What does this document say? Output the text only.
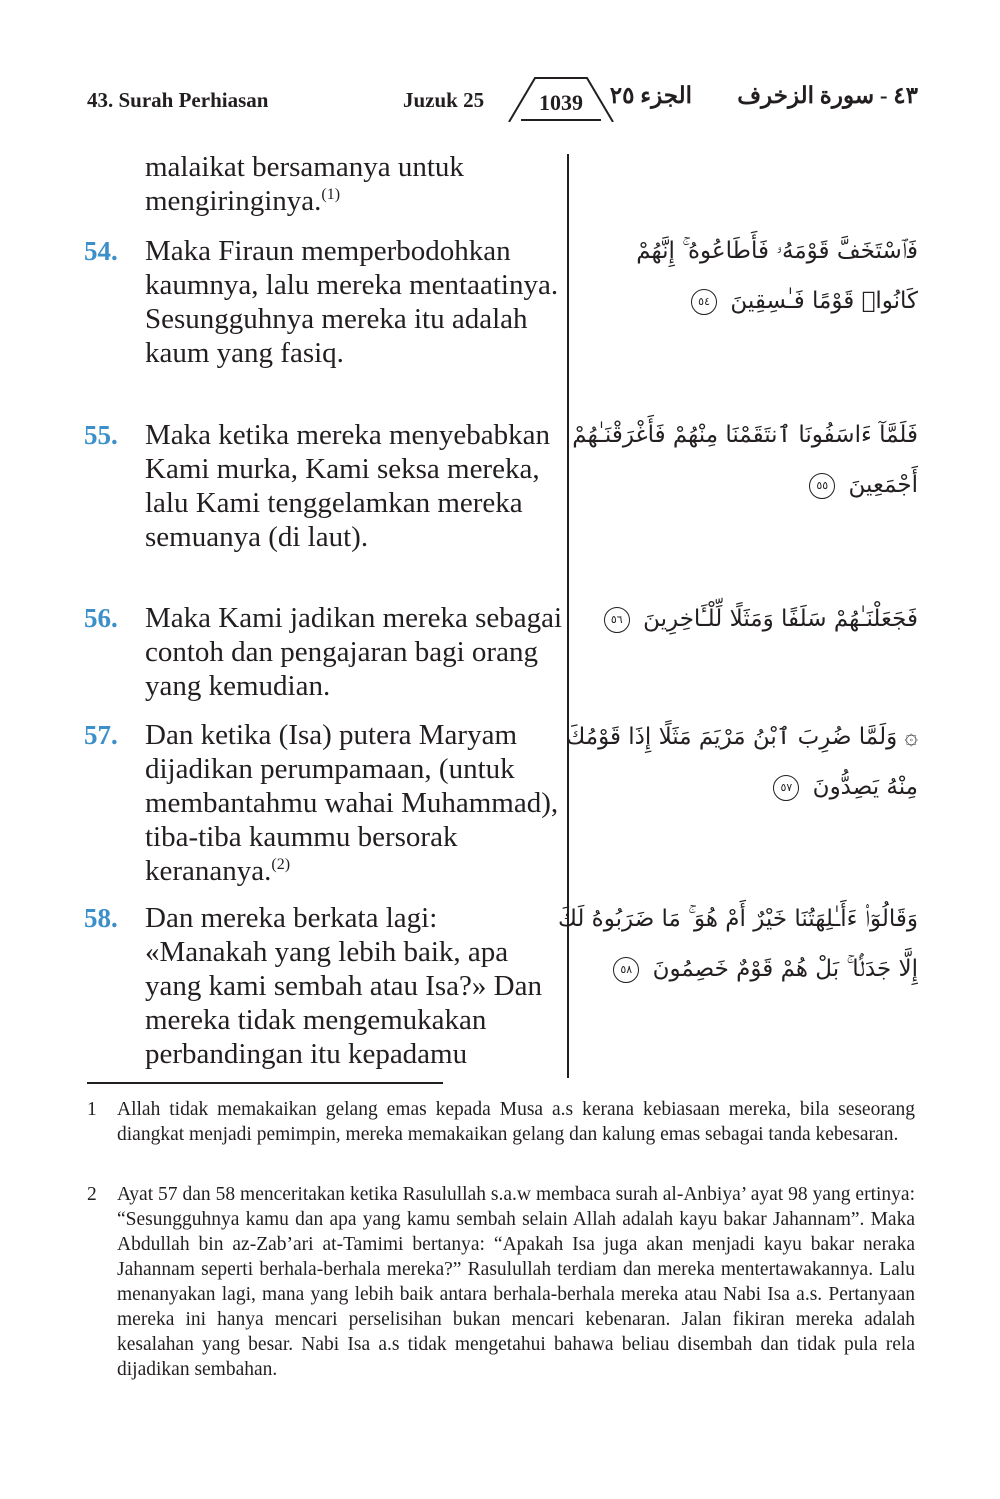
43. Surah Perhiasan	Juzuk 25	1039	الجزء ٢٥ ٤٣ - سورة الزخرف

malaikat bersamanya untuk mengiringinya.$^{(1)}$

54. Maka Firaun memperbodohkan kaumnya, lalu mereka mentaatinya. Sesungguhnya mereka itu adalah kaum yang fasiq.

فَٱسْتَخَفَّ قَوْمَهُۥ فَأَطَاعُوهُ ۚ إِنَّهُمْ
كَانُوا۟ قَوْمًا فَـٰسِقِينَ ٥٤
55. Maka ketika mereka menyebabkan Kami murka, Kami seksa mereka, lalu Kami tenggelamkan mereka semuanya (di laut).

فَلَمَّآ ءَاسَفُونَا ٱنتَقَمْنَا مِنْهُمْ فَأَغْرَقْنَـٰهُمْ
أَجْمَعِينَ ٥٥
56. Maka Kami jadikan mereka sebagai contoh dan pengajaran bagi orang yang kemudian.

فَجَعَلْنَـٰهُمْ سَلَفًا وَمَثَلًا لِّلْـَٔاخِرِينَ ٥٦
57. Dan ketika (Isa) putera Maryam dijadikan perumpamaan, (untuk membantahmu wahai Muhammad), tiba-tiba kaummu bersorak kerananya.$^{(2)}$

۞ وَلَمَّا ضُرِبَ ٱبْنُ مَرْيَمَ مَثَلًا إِذَا قَوْمُكَ
مِنْهُ يَصِدُّونَ ٥٧
58. Dan mereka berkata lagi: «Manakah yang lebih baik, apa yang kami sembah atau Isa?» Dan mereka tidak mengemukakan perbandingan itu kepadamu

وَقَالُوٓا۟ ءَأَـٰلِهَتُنَا خَيْرٌ أَمْ هُوَ ۚ مَا ضَرَبُوهُ لَكَ
إِلَّا جَدَلًۢا ۚ بَلْ هُمْ قَوْمٌ خَصِمُونَ ٥٨
1 Allah tidak memakaikan gelang emas kepada Musa a.s kerana kebiasaan mereka, bila seseorang diangkat menjadi pemimpin, mereka memakaikan gelang dan kalung emas sebagai tanda kebesaran.

2 Ayat 57 dan 58 menceritakan ketika Rasulullah s.a.w membaca surah al-Anbiya’ ayat 98 yang ertinya: “Sesungguhnya kamu dan apa yang kamu sembah selain Allah adalah kayu bakar Jahannam”. Maka Abdullah bin az-Zab’ari at-Tamimi bertanya: “Apakah Isa juga akan menjadi kayu bakar neraka Jahannam seperti berhala-berhala mereka?” Rasulullah terdiam dan mereka mentertawakannya. Lalu menanyakan lagi, mana yang lebih baik antara berhala-berhala mereka atau Nabi Isa a.s. Pertanyaan mereka ini hanya mencari perselisihan bukan mencari kebenaran. Jalan fikiran mereka adalah kesalahan yang besar. Nabi Isa a.s tidak mengetahui bahawa beliau disembah dan tidak pula rela dijadikan sembahan.
